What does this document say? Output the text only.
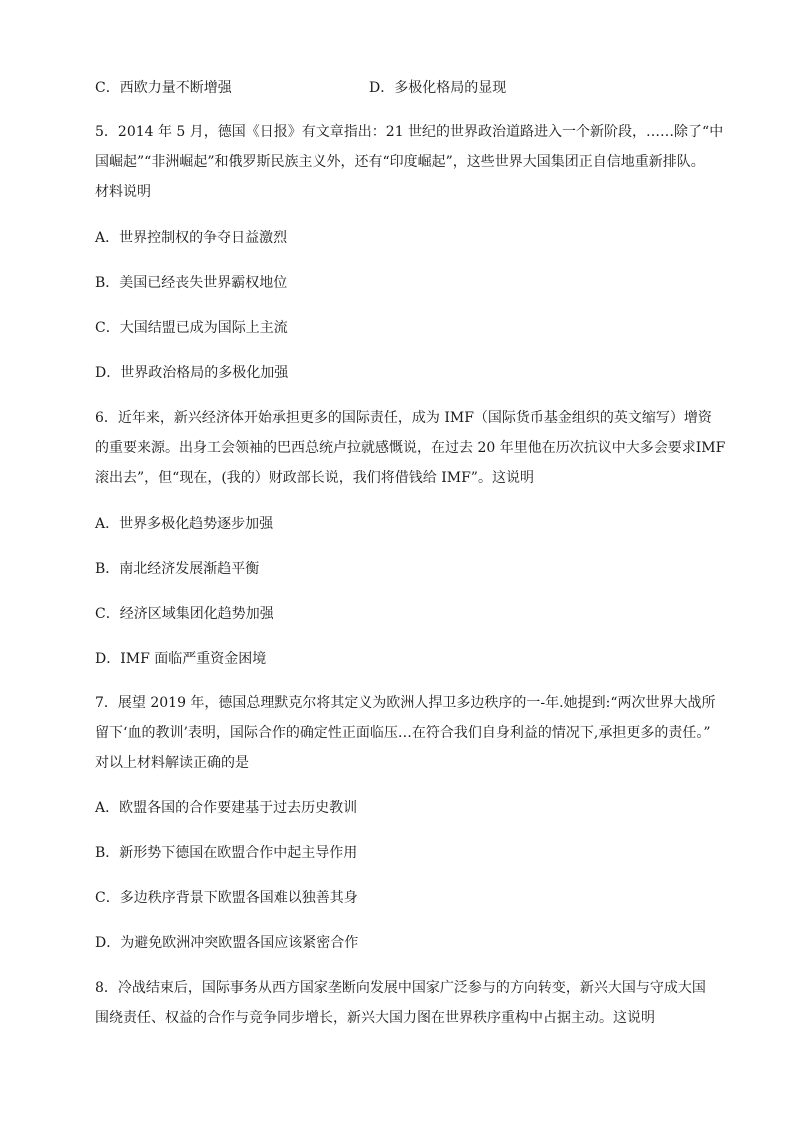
C．西欧力量不断增强	D．多极化格局的显现
5．2014 年 5 月，德国《日报》有文章指出：21 世纪的世界政治道路进入一个新阶段，……除了“中
国崛起”“非洲崛起”和俄罗斯民族主义外，还有“印度崛起”，这些世界大国集团正自信地重新排队。
材料说明
A．世界控制权的争夺日益激烈
B．美国已经丧失世界霸权地位
C．大国结盟已成为国际上主流
D．世界政治格局的多极化加强
6．近年来，新兴经济体开始承担更多的国际责任，成为 IMF（国际货币基金组织的英文缩写）增资
的重要来源。出身工会领袖的巴西总统卢拉就感慨说，在过去 20 年里他在历次抗议中大多会要求IMF
滚出去”，但“现在，(我的）财政部长说，我们将借钱给 IMF”。这说明
A．世界多极化趋势逐步加强
B．南北经济发展渐趋平衡
C．经济区域集团化趋势加强
D．IMF 面临严重资金困境
7．展望 2019 年，德国总理默克尔将其定义为欧洲人捍卫多边秩序的一-年.她提到:“两次世界大战所
留下‘血的教训’表明，国际合作的确定性正面临压…在符合我们自身利益的情况下,承担更多的责任。”
对以上材料解读正确的是
A．欧盟各国的合作要建基于过去历史教训
B．新形势下德国在欧盟合作中起主导作用
C．多边秩序背景下欧盟各国难以独善其身
D．为避免欧洲冲突欧盟各国应该紧密合作
8．冷战结束后，国际事务从西方国家垄断向发展中国家广泛参与的方向转变，新兴大国与守成大国
围绕责任、权益的合作与竞争同步增长，新兴大国力图在世界秩序重构中占据主动。这说明
